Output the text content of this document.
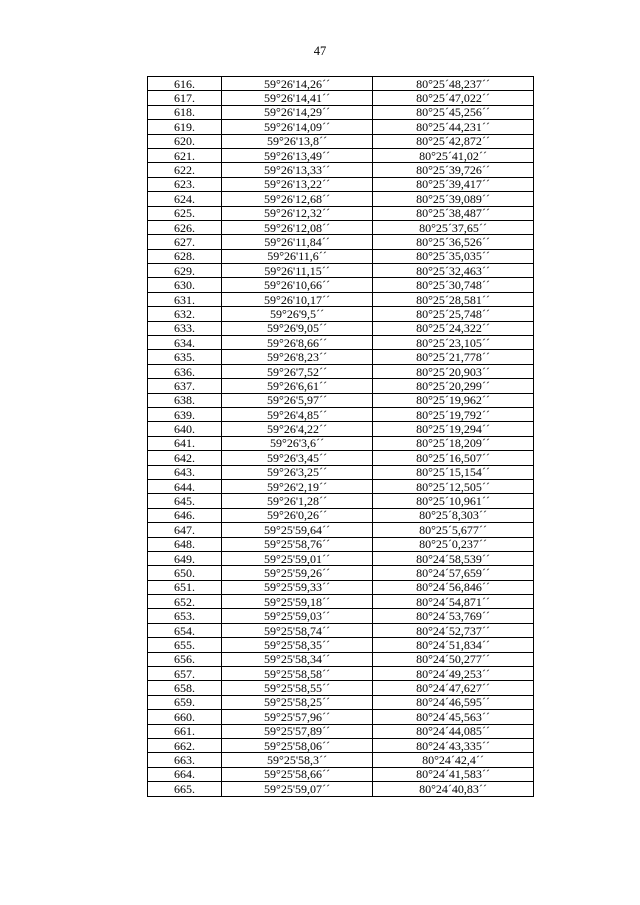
47
616.	59°26'14,26´´	80°25´48,237´´
617.	59°26'14,41´´	80°25´47,022´´
618.	59°26'14,29´´	80°25´45,256´´
619.	59°26'14,09´´	80°25´44,231´´
620.	59°26'13,8´´	80°25´42,872´´
621.	59°26'13,49´´	80°25´41,02´´
622.	59°26'13,33´´	80°25´39,726´´
623.	59°26'13,22´´	80°25´39,417´´
624.	59°26'12,68´´	80°25´39,089´´
625.	59°26'12,32´´	80°25´38,487´´
626.	59°26'12,08´´	80°25´37,65´´
627.	59°26'11,84´´	80°25´36,526´´
628.	59°26'11,6´´	80°25´35,035´´
629.	59°26'11,15´´	80°25´32,463´´
630.	59°26'10,66´´	80°25´30,748´´
631.	59°26'10,17´´	80°25´28,581´´
632.	59°26'9,5´´	80°25´25,748´´
633.	59°26'9,05´´	80°25´24,322´´
634.	59°26'8,66´´	80°25´23,105´´
635.	59°26'8,23´´	80°25´21,778´´
636.	59°26'7,52´´	80°25´20,903´´
637.	59°26'6,61´´	80°25´20,299´´
638.	59°26'5,97´´	80°25´19,962´´
639.	59°26'4,85´´	80°25´19,792´´
640.	59°26'4,22´´	80°25´19,294´´
641.	59°26'3,6´´	80°25´18,209´´
642.	59°26'3,45´´	80°25´16,507´´
643.	59°26'3,25´´	80°25´15,154´´
644.	59°26'2,19´´	80°25´12,505´´
645.	59°26'1,28´´	80°25´10,961´´
646.	59°26'0,26´´	80°25´8,303´´
647.	59°25'59,64´´	80°25´5,677´´
648.	59°25'58,76´´	80°25´0,237´´
649.	59°25'59,01´´	80°24´58,539´´
650.	59°25'59,26´´	80°24´57,659´´
651.	59°25'59,33´´	80°24´56,846´´
652.	59°25'59,18´´	80°24´54,871´´
653.	59°25'59,03´´	80°24´53,769´´
654.	59°25'58,74´´	80°24´52,737´´
655.	59°25'58,35´´	80°24´51,834´´
656.	59°25'58,34´´	80°24´50,277´´
657.	59°25'58,58´´	80°24´49,253´´
658.	59°25'58,55´´	80°24´47,627´´
659.	59°25'58,25´´	80°24´46,595´´
660.	59°25'57,96´´	80°24´45,563´´
661.	59°25'57,89´´	80°24´44,085´´
662.	59°25'58,06´´	80°24´43,335´´
663.	59°25'58,3´´	80°24´42,4´´
664.	59°25'58,66´´	80°24´41,583´´
665.	59°25'59,07´´	80°24´40,83´´
